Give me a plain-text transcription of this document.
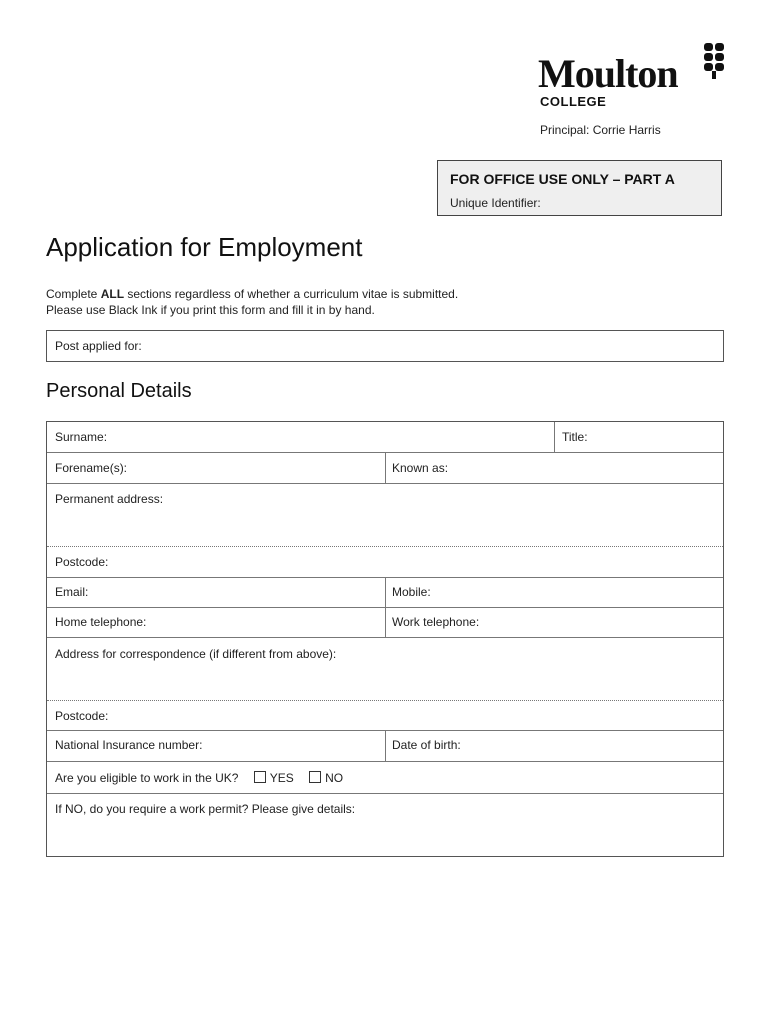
Moulton
COLLEGE
Principal: Corrie Harris
FOR OFFICE USE ONLY – PART A
Unique Identifier:
Application for Employment
Complete ALL sections regardless of whether a curriculum vitae is submitted.
Please use Black Ink if you print this form and fill it in by hand.
Post applied for:
Personal Details
Surname:	Title:
Forename(s):	Known as:
Permanent address:
Postcode:
Email:	Mobile:
Home telephone:	Work telephone:
Address for correspondence (if different from above):
Postcode:
National Insurance number:	Date of birth:
Are you eligible to work in the UK?	YES	NO
If NO, do you require a work permit? Please give details:
